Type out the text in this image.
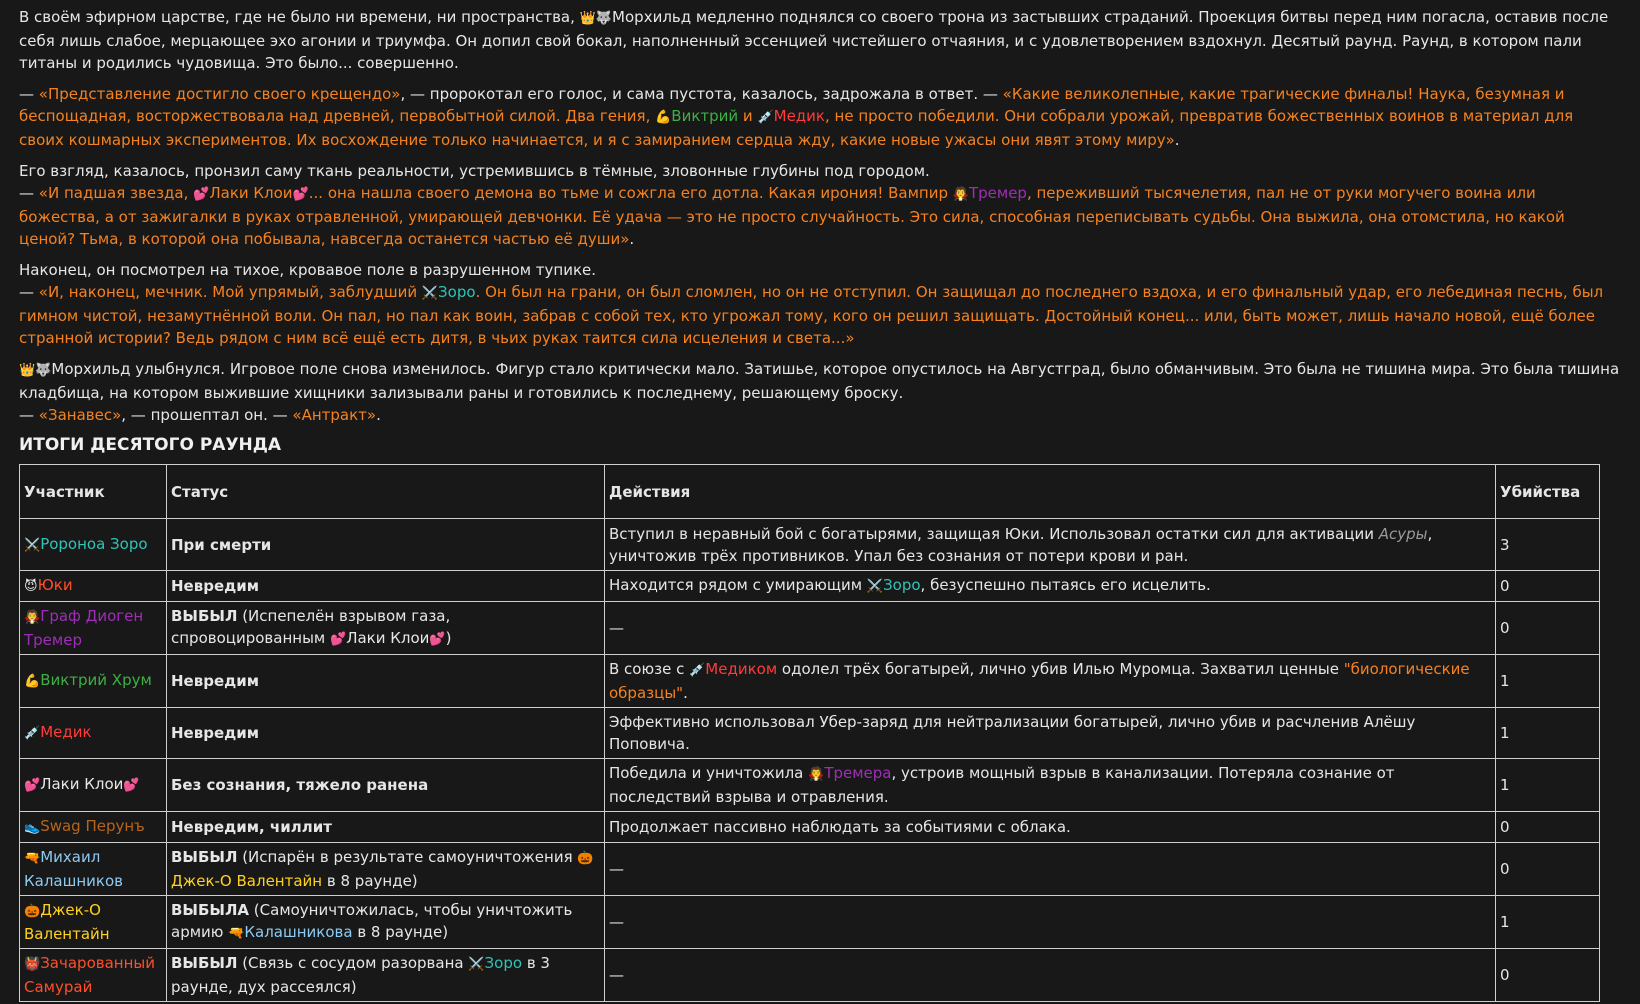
В своём эфирном царстве, где не было ни времени, ни пространства, 👑🐺Морхильд медленно поднялся со своего трона из застывших страданий. Проекция битвы перед ним погасла, оставив после себя лишь слабое, мерцающее эхо агонии и триумфа. Он допил свой бокал, наполненный эссенцией чистейшего отчаяния, и с удовлетворением вздохнул. Десятый раунд. Раунд, в котором пали титаны и родились чудовища. Это было... совершенно.

— «Представление достигло своего крещендо», — пророкотал его голос, и сама пустота, казалось, задрожала в ответ. — «Какие великолепные, какие трагические финалы! Наука, безумная и беспощадная, восторжествовала над древней, первобытной силой. Два гения, 💪Виктрий и 💉Медик, не просто победили. Они собрали урожай, превратив божественных воинов в материал для своих кошмарных экспериментов. Их восхождение только начинается, и я с замиранием сердца жду, какие новые ужасы они явят этому миру».

Его взгляд, казалось, пронзил саму ткань реальности, устремившись в тёмные, зловонные глубины под городом.

— «И падшая звезда, 💕Лаки Клои💕... она нашла своего демона во тьме и сожгла его дотла. Какая ирония! Вампир 🧛Тремер, переживший тысячелетия, пал не от руки могучего воина или божества, а от зажигалки в руках отравленной, умирающей девчонки. Её удача — это не просто случайность. Это сила, способная переписывать судьбы. Она выжила, она отомстила, но какой ценой? Тьма, в которой она побывала, навсегда останется частью её души».

Наконец, он посмотрел на тихое, кровавое поле в разрушенном тупике.

— «И, наконец, мечник. Мой упрямый, заблудший ⚔️Зоро. Он был на грани, он был сломлен, но он не отступил. Он защищал до последнего вздоха, и его финальный удар, его лебединая песнь, был гимном чистой, незамутнённой воли. Он пал, но пал как воин, забрав с собой тех, кто угрожал тому, кого он решил защищать. Достойный конец... или, быть может, лишь начало новой, ещё более странной истории? Ведь рядом с ним всё ещё есть дитя, в чьих руках таится сила исцеления и света...»

👑🐺Морхильд улыбнулся. Игровое поле снова изменилось. Фигур стало критически мало. Затишье, которое опустилось на Августград, было обманчивым. Это была не тишина мира. Это была тишина кладбища, на котором выжившие хищники зализывали раны и готовились к последнему, решающему броску.

— «Занавес», — прошептал он. — «Антракт».

ИТОГИ ДЕСЯТОГО РАУНДА
Участник	Статус	Действия	Убийства
⚔️Ророноа Зоро	При смерти	Вступил в неравный бой с богатырями, защищая Юки. Использовал остатки сил для активации Асуры, уничтожив трёх противников. Упал без сознания от потери крови и ран.	3
😈Юки	Невредим	Находится рядом с умирающим ⚔️Зоро, безуспешно пытаясь его исцелить.	0
🧛Граф Диоген Тремер	ВЫБЫЛ (Испепелён взрывом газа, спровоцированным 💕Лаки Клои💕)	—	0
💪Виктрий Хрум	Невредим	В союзе с 💉Медиком одолел трёх богатырей, лично убив Илью Муромца. Захватил ценные "биологические образцы".	1
💉Медик	Невредим	Эффективно использовал Убер-заряд для нейтрализации богатырей, лично убив и расчленив Алёшу Поповича.	1
💕Лаки Клои💕	Без сознания, тяжело ранена	Победила и уничтожила 🧛Тремера, устроив мощный взрыв в канализации. Потеряла сознание от последствий взрыва и отравления.	1
👟Swag Перунъ	Невредим, чиллит	Продолжает пассивно наблюдать за событиями с облака.	0
🔫Михаил Калашников	ВЫБЫЛ (Испарён в результате самоуничтожения 🎃Джек-О Валентайн в 8 раунде)	—	0
🎃Джек-О Валентайн	ВЫБЫЛА (Самоуничтожилась, чтобы уничтожить армию 🔫Калашникова в 8 раунде)	—	1
👹Зачарованный Самурай	ВЫБЫЛ (Связь с сосудом разорвана ⚔️Зоро в 3 раунде, дух рассеялся)	—	0
